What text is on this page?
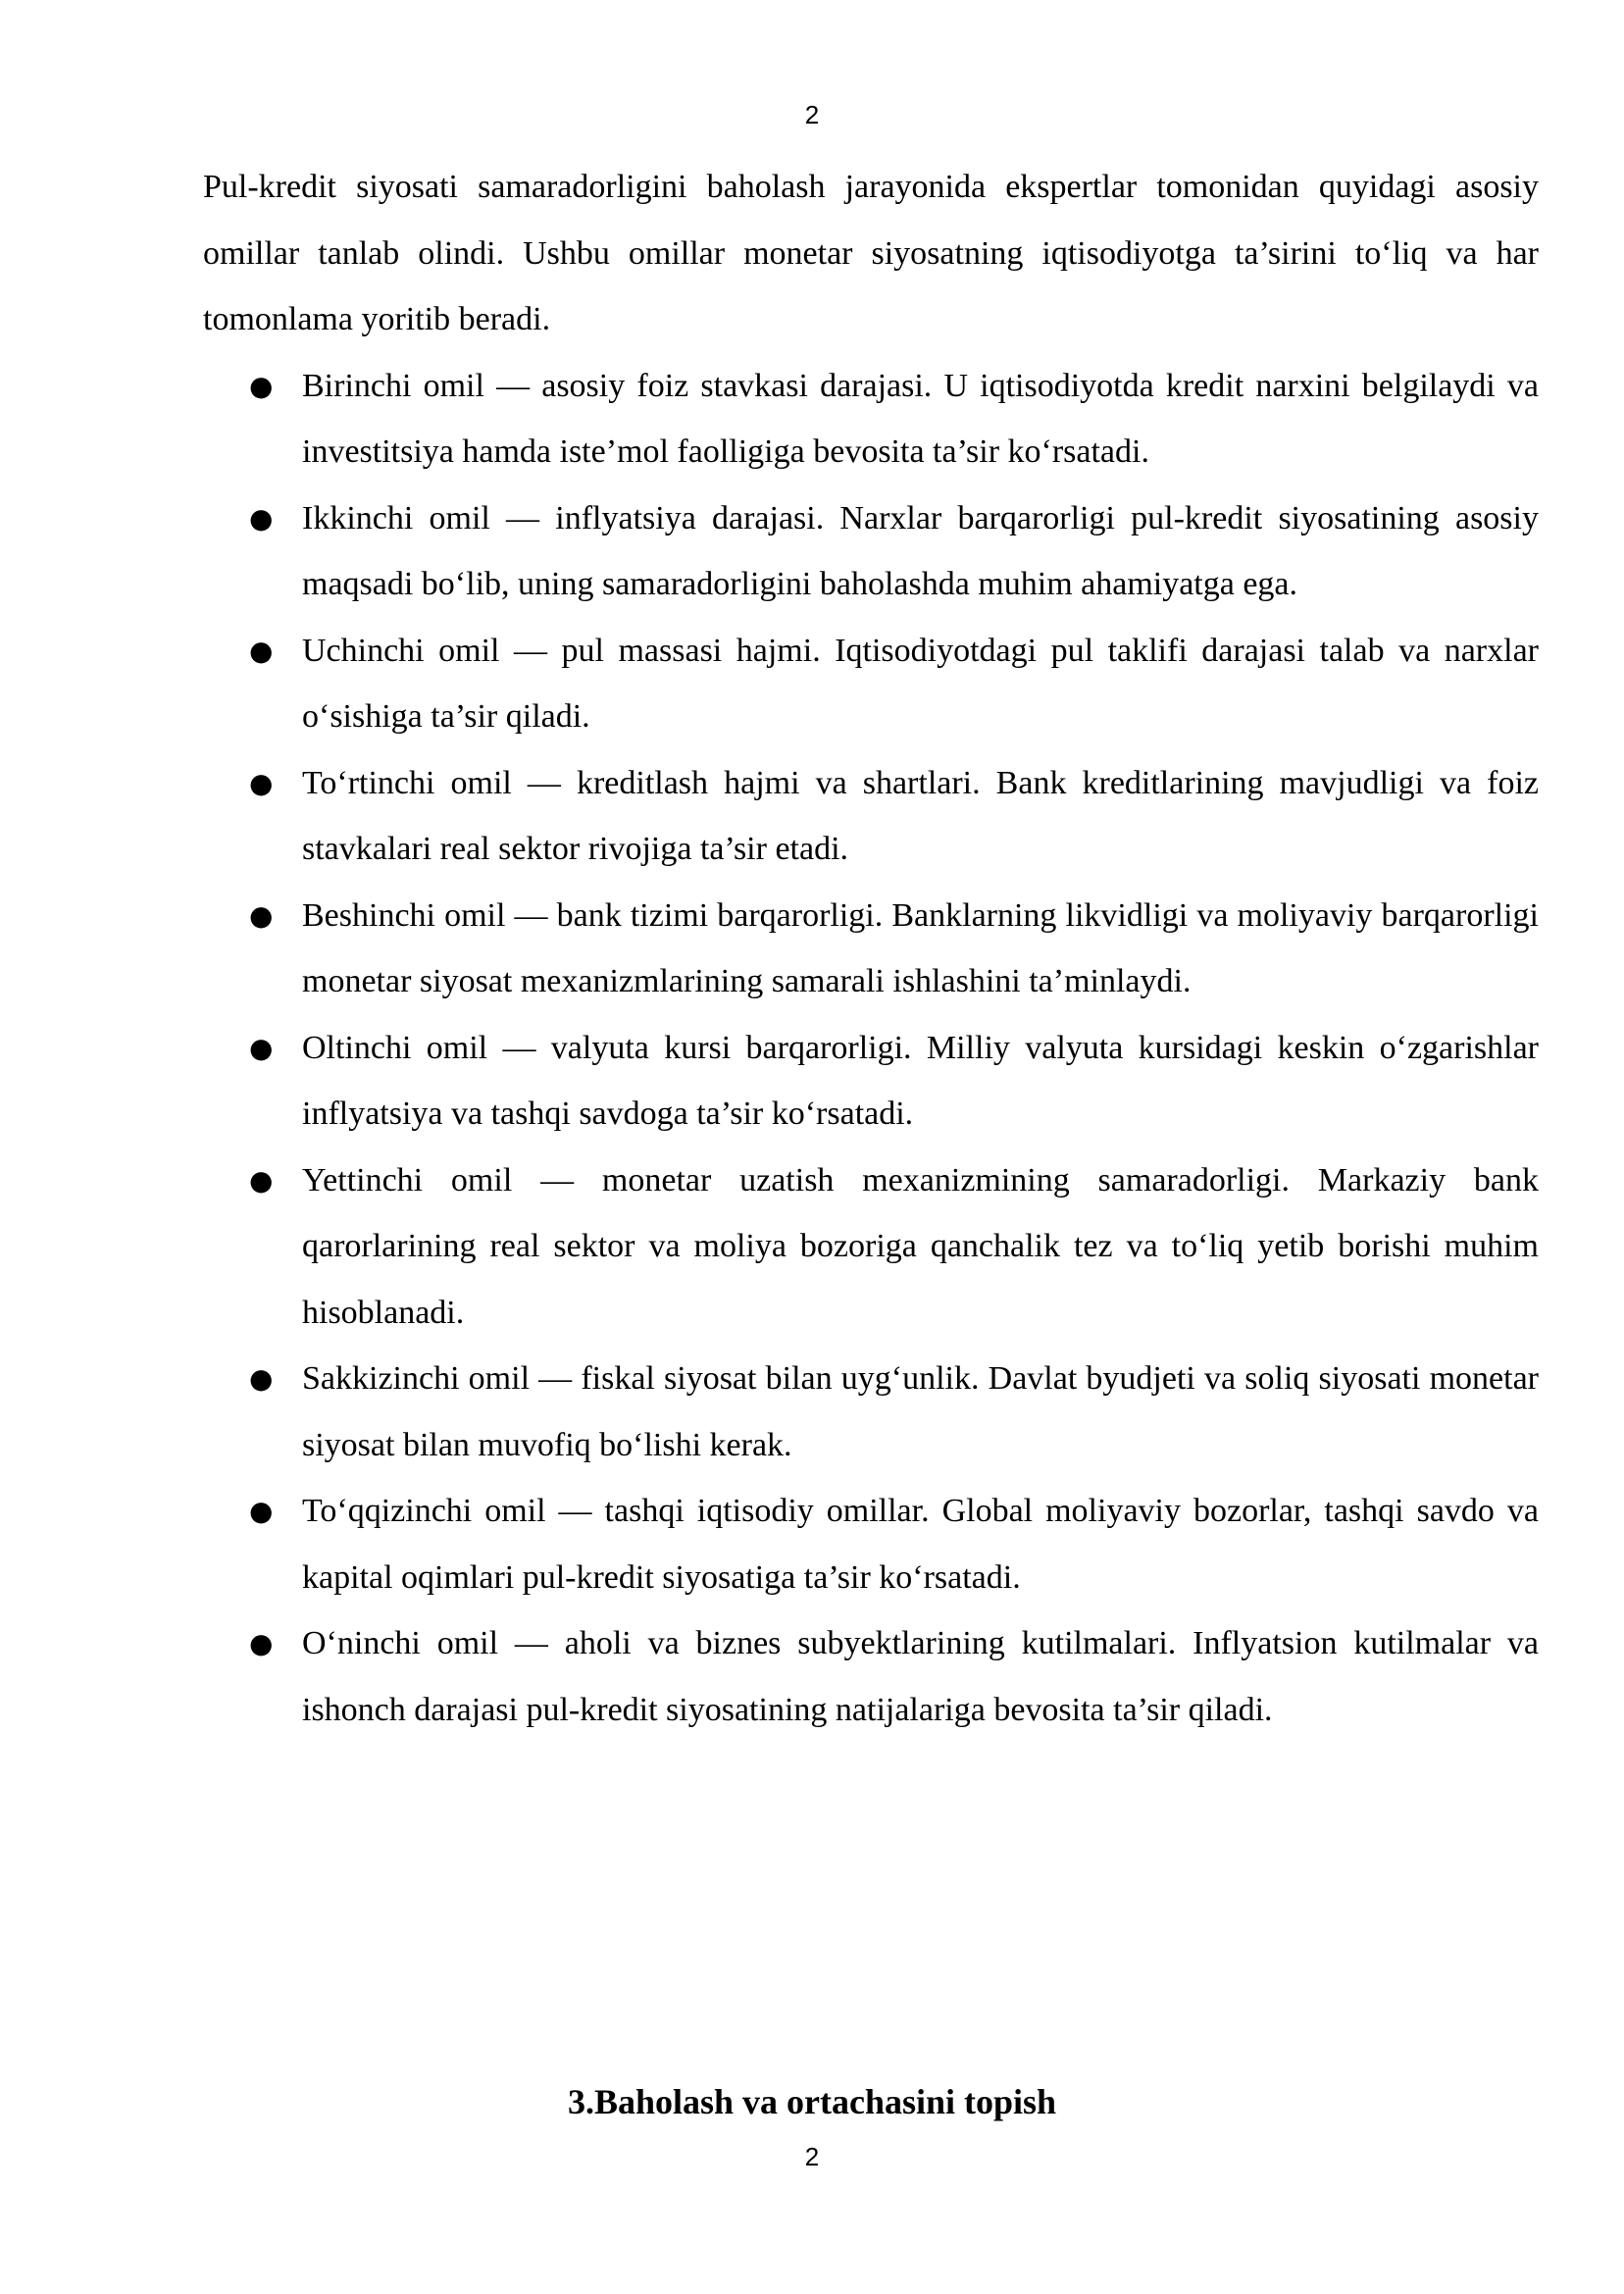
2

Pul-kredit siyosati samaradorligini baholash jarayonida ekspertlar tomonidan quyidagi asosiy omillar tanlab olindi. Ushbu omillar monetar siyosatning iqtisodiyotga ta’sirini to‘liq va har tomonlama yoritib beradi.

● Birinchi omil — asosiy foiz stavkasi darajasi. U iqtisodiyotda kredit narxini belgilaydi va investitsiya hamda iste’mol faolligiga bevosita ta’sir ko‘rsatadi.
● Ikkinchi omil — inflyatsiya darajasi. Narxlar barqarorligi pul-kredit siyosatining asosiy maqsadi bo‘lib, uning samaradorligini baholashda muhim ahamiyatga ega.
● Uchinchi omil — pul massasi hajmi. Iqtisodiyotdagi pul taklifi darajasi talab va narxlar o‘sishiga ta’sir qiladi.
● To‘rtinchi omil — kreditlash hajmi va shartlari. Bank kreditlarining mavjudligi va foiz stavkalari real sektor rivojiga ta’sir etadi.
● Beshinchi omil — bank tizimi barqarorligi. Banklarning likvidligi va moliyaviy barqarorligi monetar siyosat mexanizmlarining samarali ishlashini ta’minlaydi.
● Oltinchi omil — valyuta kursi barqarorligi. Milliy valyuta kursidagi keskin o‘zgarishlar inflyatsiya va tashqi savdoga ta’sir ko‘rsatadi.
● Yettinchi omil — monetar uzatish mexanizmining samaradorligi. Markaziy bank qarorlarining real sektor va moliya bozoriga qanchalik tez va to‘liq yetib borishi muhim hisoblanadi.
● Sakkizinchi omil — fiskal siyosat bilan uyg‘unlik. Davlat byudjeti va soliq siyosati monetar siyosat bilan muvofiq bo‘lishi kerak.
● To‘qqizinchi omil — tashqi iqtisodiy omillar. Global moliyaviy bozorlar, tashqi savdo va kapital oqimlari pul-kredit siyosatiga ta’sir ko‘rsatadi.
● O‘ninchi omil — aholi va biznes subyektlarining kutilmalari. Inflyatsion kutilmalar va ishonch darajasi pul-kredit siyosatining natijalariga bevosita ta’sir qiladi.
3.Baholash va ortachasini topish
2
